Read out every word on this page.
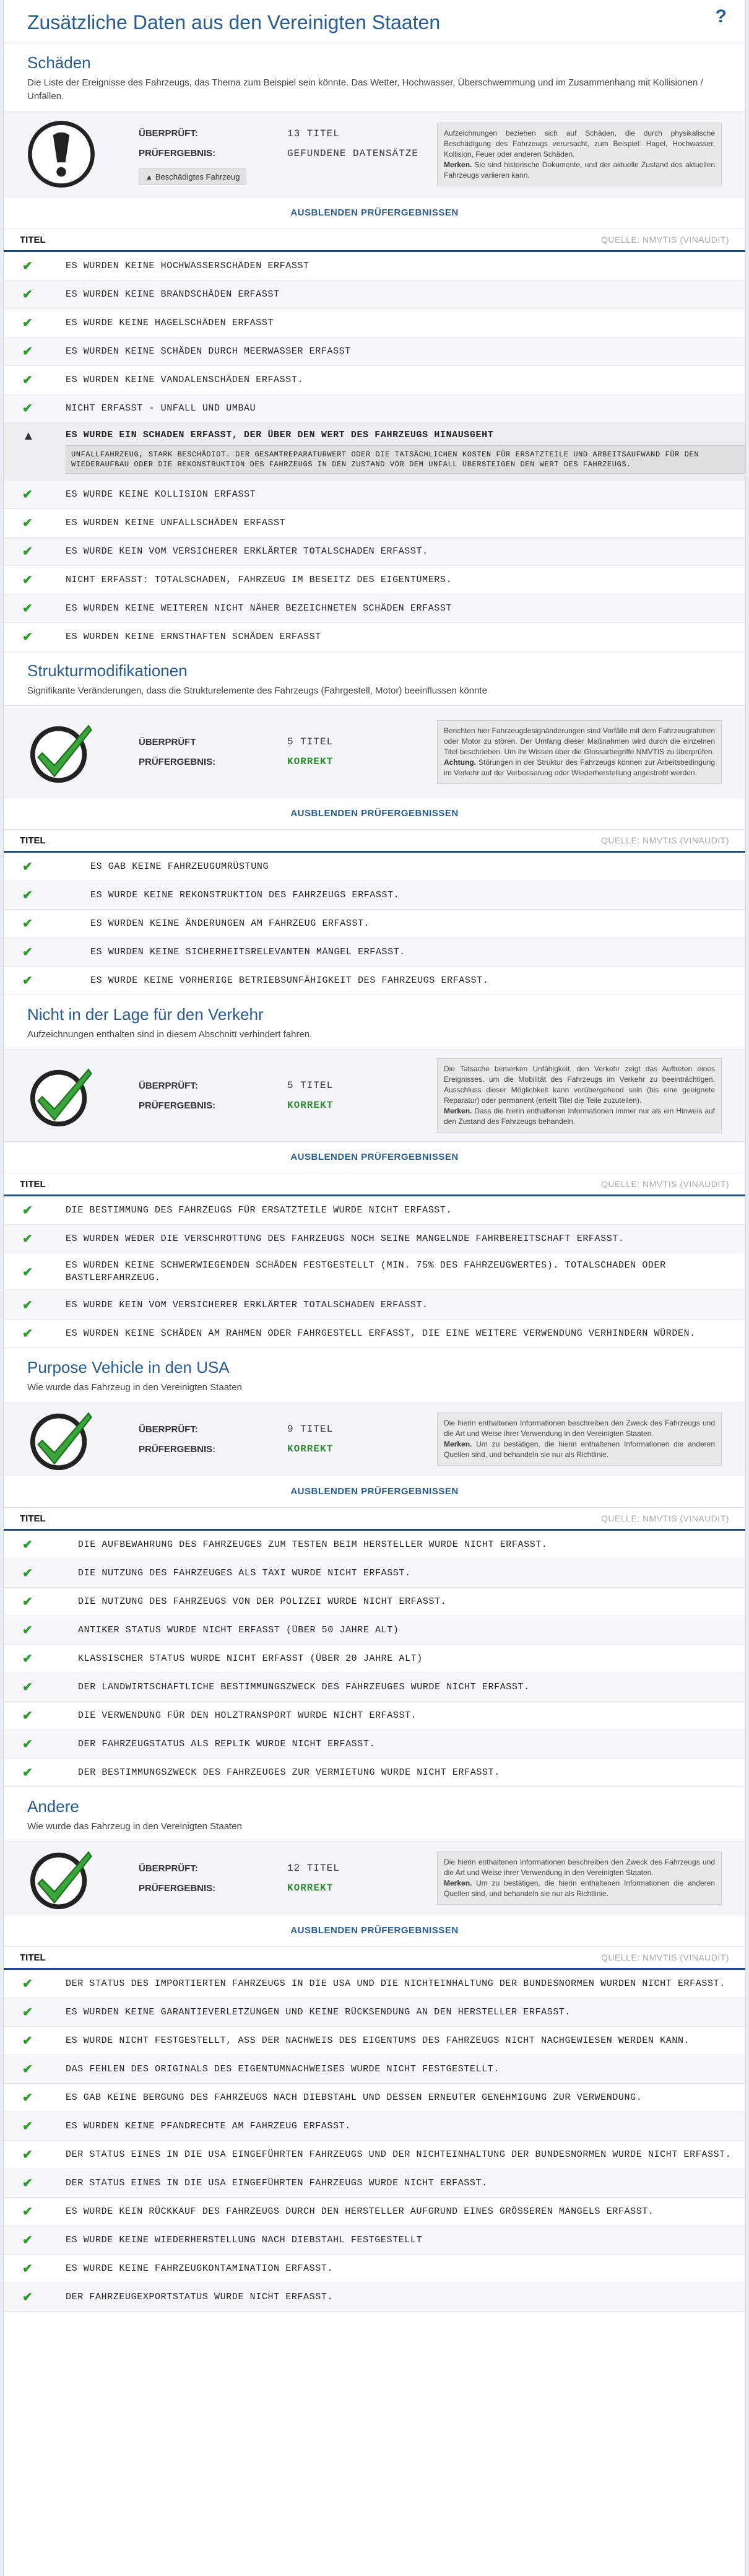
Zusätzliche Daten aus den Vereinigten Staaten	?
Schäden

Die Liste der Ereignisse des Fahrzeugs, das Thema zum Beispiel sein könnte. Das Wetter, Hochwasser, Überschwemmung und im Zusammenhang mit Kollisionen / Unfällen.

ÜBERPRÜFT:	13 TITEL
PRÜFERGEBNIS:	GEFUNDENE DATENSÄTZE
▲ Beschädigtes Fahrzeug
Aufzeichnungen beziehen sich auf Schäden, die durch physikalische Beschädigung des Fahrzeugs verursacht, zum Beispiel: Hagel, Hochwasser, Kollision, Feuer oder anderen Schäden.
Merken. Sie sind historische Dokumente, und der aktuelle Zustand des aktuellen Fahrzeugs variieren kann.
AUSBLENDEN PRÜFERGEBNISSEN
TITEL	QUELLE: NMVTIS (VINAUDIT)
✔	ES WURDEN KEINE HOCHWASSERSCHÄDEN ERFASST
✔	ES WURDEN KEINE BRANDSCHÄDEN ERFASST
✔	ES WURDE KEINE HAGELSCHÄDEN ERFASST
✔	ES WURDEN KEINE SCHÄDEN DURCH MEERWASSER ERFASST
✔	ES WURDEN KEINE VANDALENSCHÄDEN ERFASST.
✔	NICHT ERFASST - UNFALL UND UMBAU
▲	ES WURDE EIN SCHADEN ERFASST, DER ÜBER DEN WERT DES FAHRZEUGS HINAUSGEHT
UNFALLFAHRZEUG, STARK BESCHÄDIGT. DER GESAMTREPARATURWERT ODER DIE TATSÄCHLICHEN KOSTEN FÜR ERSATZTEILE UND ARBEITSAUFWAND FÜR DEN WIEDERAUFBAU ODER DIE REKONSTRUKTION DES FAHRZEUGS IN DEN ZUSTAND VOR DEM UNFALL ÜBERSTEIGEN DEN WERT DES FAHRZEUGS.
✔	ES WURDE KEINE KOLLISION ERFASST
✔	ES WURDEN KEINE UNFALLSCHÄDEN ERFASST
✔	ES WURDE KEIN VOM VERSICHERER ERKLÄRTER TOTALSCHADEN ERFASST.
✔	NICHT ERFASST: TOTALSCHADEN, FAHRZEUG IM BESEITZ DES EIGENTÜMERS.
✔	ES WURDEN KEINE WEITEREN NICHT NÄHER BEZEICHNETEN SCHÄDEN ERFASST
✔	ES WURDEN KEINE ERNSTHAFTEN SCHÄDEN ERFASST
Strukturmodifikationen

Signifikante Veränderungen, dass die Strukturelemente des Fahrzeugs (Fahrgestell, Motor) beeinflussen könnte

ÜBERPRÜFT	5 TITEL
PRÜFERGEBNIS:	KORREKT
Berichten hier Fahrzeugdesignänderungen sind Vorfälle mit dem Fahrzeugrahmen oder Motor zu stören. Der Umfang dieser Maßnahmen wird durch die einzelnen Titel beschrieben. Um Ihr Wissen über die Glossarbegriffe NMVTIS zu überprüfen.
Achtung. Störungen in der Struktur des Fahrzeugs können zur Arbeitsbedingung im Verkehr auf der Verbesserung oder Wiederherstellung angestrebt werden.
AUSBLENDEN PRÜFERGEBNISSEN
TITEL	QUELLE: NMVTIS (VINAUDIT)
✔	ES GAB KEINE FAHRZEUGUMRÜSTUNG
✔	ES WURDE KEINE REKONSTRUKTION DES FAHRZEUGS ERFASST.
✔	ES WURDEN KEINE ÄNDERUNGEN AM FAHRZEUG ERFASST.
✔	ES WURDEN KEINE SICHERHEITSRELEVANTEN MÄNGEL ERFASST.
✔	ES WURDE KEINE VORHERIGE BETRIEBSUNFÄHIGKEIT DES FAHRZEUGS ERFASST.
Nicht in der Lage für den Verkehr

Aufzeichnungen enthalten sind in diesem Abschnitt verhindert fahren.

ÜBERPRÜFT:	5 TITEL
PRÜFERGEBNIS:	KORREKT
Die Tatsache bemerken Unfähigkeit, den Verkehr zeigt das Auftreten eines Ereignisses, um die Mobilität des Fahrzeugs im Verkehr zu beeinträchtigen. Ausschluss dieser Möglichkeit kann vorübergehend sein (bis eine geeignete Reparatur) oder permanent (erteilt Titel die Teile zuzuteilen).
Merken. Dass die hierin enthaltenen Informationen immer nur als ein Hinweis auf den Zustand des Fahrzeugs behandeln.
AUSBLENDEN PRÜFERGEBNISSEN
TITEL	QUELLE: NMVTIS (VINAUDIT)
✔	DIE BESTIMMUNG DES FAHRZEUGS FÜR ERSATZTEILE WURDE NICHT ERFASST.
✔	ES WURDEN WEDER DIE VERSCHROTTUNG DES FAHRZEUGS NOCH SEINE MANGELNDE FAHRBEREITSCHAFT ERFASST.
✔	ES WURDEN KEINE SCHWERWIEGENDEN SCHÄDEN FESTGESTELLT (MIN. 75% DES FAHRZEUGWERTES). TOTALSCHADEN ODER BASTLERFAHRZEUG.
✔	ES WURDE KEIN VOM VERSICHERER ERKLÄRTER TOTALSCHADEN ERFASST.
✔	ES WURDEN KEINE SCHÄDEN AM RAHMEN ODER FAHRGESTELL ERFASST, DIE EINE WEITERE VERWENDUNG VERHINDERN WÜRDEN.
Purpose Vehicle in den USA

Wie wurde das Fahrzeug in den Vereinigten Staaten

ÜBERPRÜFT:	9 TITEL
PRÜFERGEBNIS:	KORREKT
Die hierin enthaltenen Informationen beschreiben den Zweck des Fahrzeugs und die Art und Weise ihrer Verwendung in den Vereinigten Staaten.
Merken. Um zu bestätigen, die hierin enthaltenen Informationen die anderen Quellen sind, und behandeln sie nur als Richtlinie.
AUSBLENDEN PRÜFERGEBNISSEN
TITEL	QUELLE: NMVTIS (VINAUDIT)
✔	DIE AUFBEWAHRUNG DES FAHRZEUGES ZUM TESTEN BEIM HERSTELLER WURDE NICHT ERFASST.
✔	DIE NUTZUNG DES FAHRZEUGES ALS TAXI WURDE NICHT ERFASST.
✔	DIE NUTZUNG DES FAHRZEUGS VON DER POLIZEI WURDE NICHT ERFASST.
✔	ANTIKER STATUS WURDE NICHT ERFASST (ÜBER 50 JAHRE ALT)
✔	KLASSISCHER STATUS WURDE NICHT ERFASST (ÜBER 20 JAHRE ALT)
✔	DER LANDWIRTSCHAFTLICHE BESTIMMUNGSZWECK DES FAHRZEUGES WURDE NICHT ERFASST.
✔	DIE VERWENDUNG FÜR DEN HOLZTRANSPORT WURDE NICHT ERFASST.
✔	DER FAHRZEUGSTATUS ALS REPLIK WURDE NICHT ERFASST.
✔	DER BESTIMMUNGSZWECK DES FAHRZEUGES ZUR VERMIETUNG WURDE NICHT ERFASST.
Andere

Wie wurde das Fahrzeug in den Vereinigten Staaten

ÜBERPRÜFT:	12 TITEL
PRÜFERGEBNIS:	KORREKT
Die hierin enthaltenen Informationen beschreiben den Zweck des Fahrzeugs und die Art und Weise ihrer Verwendung in den Vereinigten Staaten.
Merken. Um zu bestätigen, die hierin enthaltenen Informationen die anderen Quellen sind, und behandeln sie nur als Richtlinie.
AUSBLENDEN PRÜFERGEBNISSEN
TITEL	QUELLE: NMVTIS (VINAUDIT)
✔	DER STATUS DES IMPORTIERTEN FAHRZEUGS IN DIE USA UND DIE NICHTEINHALTUNG DER BUNDESNORMEN WURDEN NICHT ERFASST.
✔	ES WURDEN KEINE GARANTIEVERLETZUNGEN UND KEINE RÜCKSENDUNG AN DEN HERSTELLER ERFASST.
✔	ES WURDE NICHT FESTGESTELLT, ASS DER NACHWEIS DES EIGENTUMS DES FAHRZEUGS NICHT NACHGEWIESEN WERDEN KANN.
✔	DAS FEHLEN DES ORIGINALS DES EIGENTUMNACHWEISES WURDE NICHT FESTGESTELLT.
✔	ES GAB KEINE BERGUNG DES FAHRZEUGS NACH DIEBSTAHL UND DESSEN ERNEUTER GENEHMIGUNG ZUR VERWENDUNG.
✔	ES WURDEN KEINE PFANDRECHTE AM FAHRZEUG ERFASST.
✔	DER STATUS EINES IN DIE USA EINGEFÜHRTEN FAHRZEUGS UND DER NICHTEINHALTUNG DER BUNDESNORMEN WURDE NICHT ERFASST.
✔	DER STATUS EINES IN DIE USA EINGEFÜHRTEN FAHRZEUGS WURDE NICHT ERFASST.
✔	ES WURDE KEIN RÜCKKAUF DES FAHRZEUGS DURCH DEN HERSTELLER AUFGRUND EINES GRÖSSEREN MANGELS ERFASST.
✔	ES WURDE KEINE WIEDERHERSTELLUNG NACH DIEBSTAHL FESTGESTELLT
✔	ES WURDE KEINE FAHRZEUGKONTAMINATION ERFASST.
✔	DER FAHRZEUGEXPORTSTATUS WURDE NICHT ERFASST.
